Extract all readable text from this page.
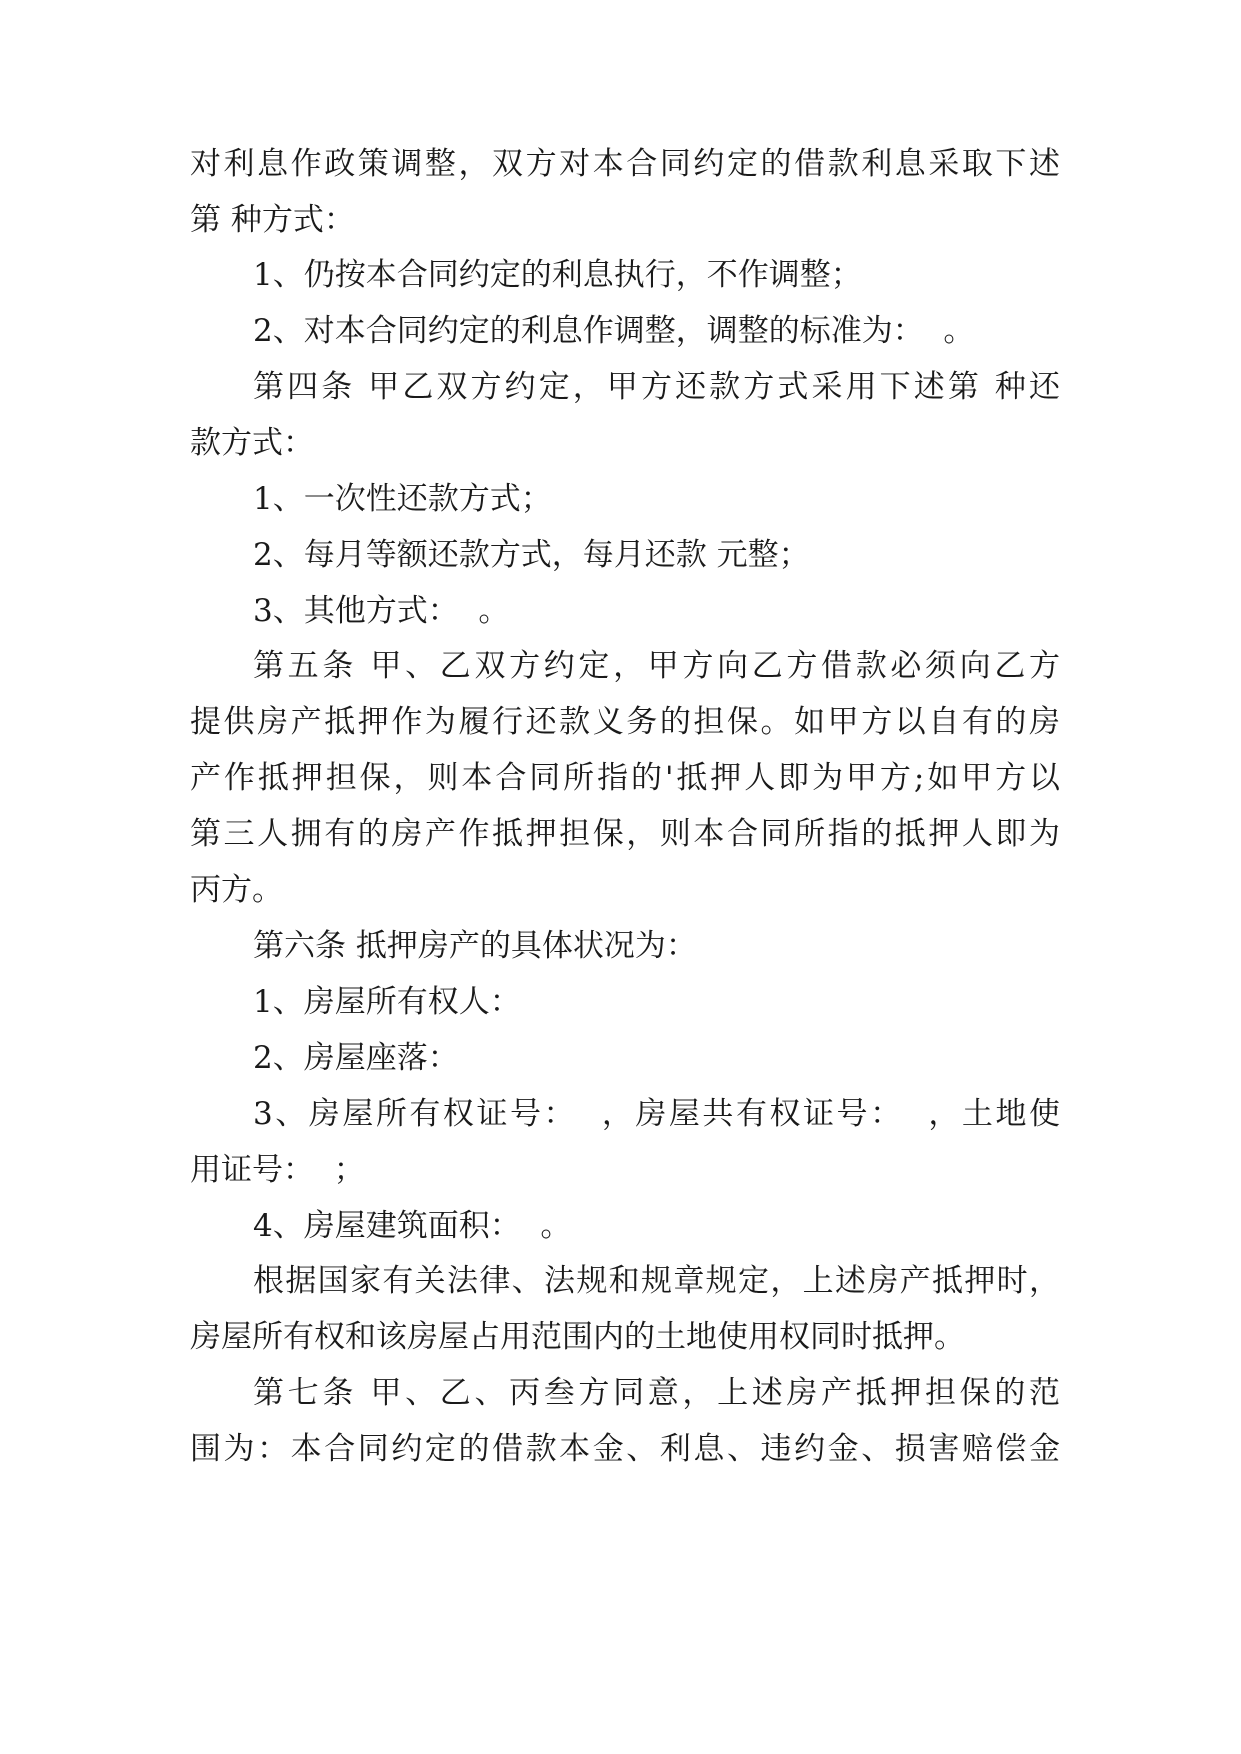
对利息作政策调整，双方对本合同约定的借款利息采取下述
第 种方式：
1、仍按本合同约定的利息执行，不作调整；
2、对本合同约定的利息作调整，调整的标准为：  。
第四条 甲乙双方约定，甲方还款方式采用下述第 种还
款方式：
1、一次性还款方式；
2、每月等额还款方式，每月还款 元整；
3、其他方式：  。
第五条 甲、乙双方约定，甲方向乙方借款必须向乙方
提供房产抵押作为履行还款义务的担保。如甲方以自有的房
产作抵押担保，则本合同所指的'抵押人即为甲方;如甲方以
第三人拥有的房产作抵押担保，则本合同所指的抵押人即为
丙方。
第六条 抵押房产的具体状况为：
1、房屋所有权人：
2、房屋座落：
3、房屋所有权证号：  ，房屋共有权证号：  ，土地使
用证号：  ；
4、房屋建筑面积：  。
根据国家有关法律、法规和规章规定，上述房产抵押时，
房屋所有权和该房屋占用范围内的土地使用权同时抵押。
第七条 甲、乙、丙叁方同意，上述房产抵押担保的范
围为：本合同约定的借款本金、利息、违约金、损害赔偿金
